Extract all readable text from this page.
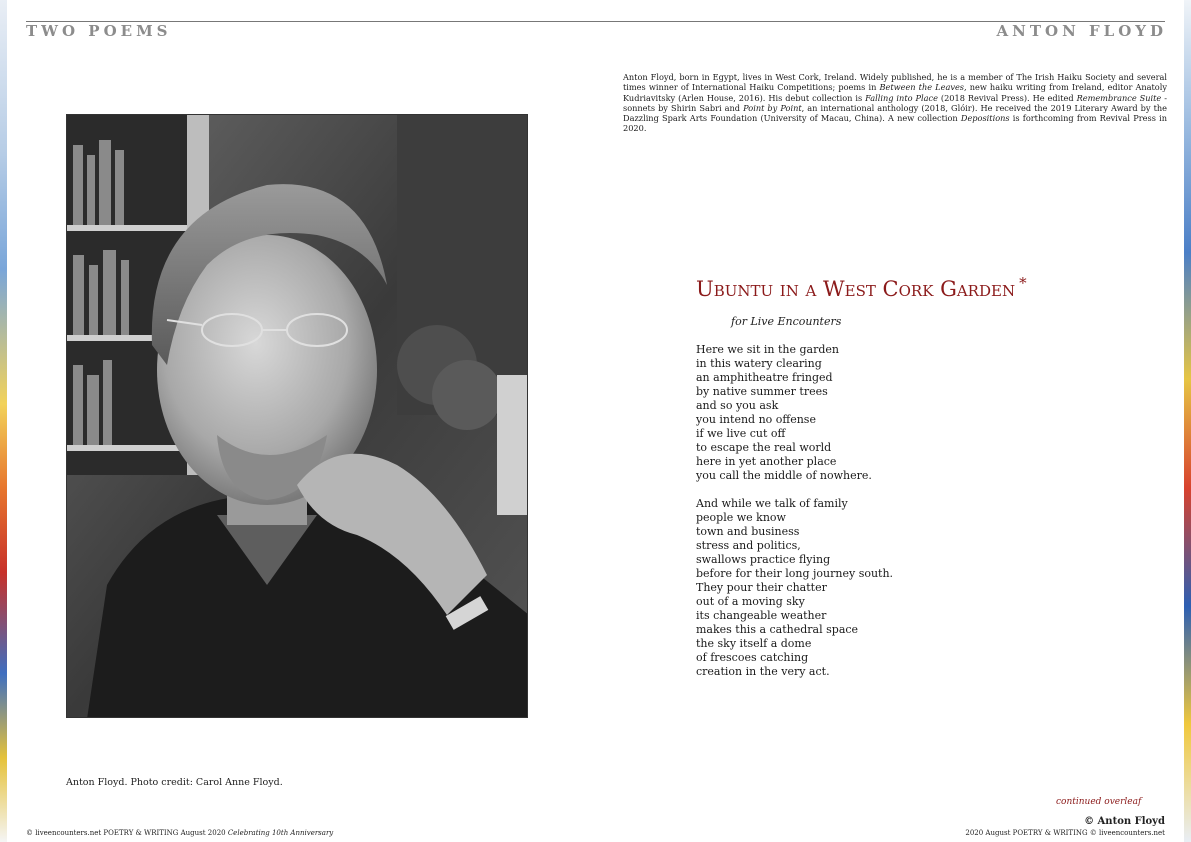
TWO POEMS	ANTON FLOYD

Anton Floyd, born in Egypt, lives in West Cork, Ireland. Widely published, he is a member of The Irish Haiku Society and several times winner of International Haiku Competitions; poems in Between the Leaves, new haiku writing from Ireland, editor Anatoly Kudriavitsky (Arlen House, 2016). His debut collection is Falling into Place (2018 Revival Press). He edited Remembrance Suite - sonnets by Shirin Sabri and Point by Point, an international anthology (2018, Glóir). He received the 2019 Literary Award by the Dazzling Spark Arts Foundation (University of Macau, China). A new collection Depositions is forthcoming from Revival Press in 2020.

Anton Floyd. Photo credit: Carol Anne Floyd.
Ubuntu in a West Cork Garden *
for Live Encounters
Here we sit in the garden
in this watery clearing
an amphitheatre fringed
by native summer trees
and so you ask
you intend no offense
if we live cut off
to escape the real world
here in yet another place
you call the middle of nowhere.
And while we talk of family
people we know
town and business
stress and politics,
swallows practice flying
before for their long journey south.
They pour their chatter
out of a moving sky
its changeable weather
makes this a cathedral space
the sky itself a dome
of frescoes catching
creation in the very act.
continued overleaf
© Anton Floyd
© liveencounters.net POETRY & WRITING August 2020 Celebrating 10th Anniversary	2020 August POETRY & WRITING © liveencounters.net
